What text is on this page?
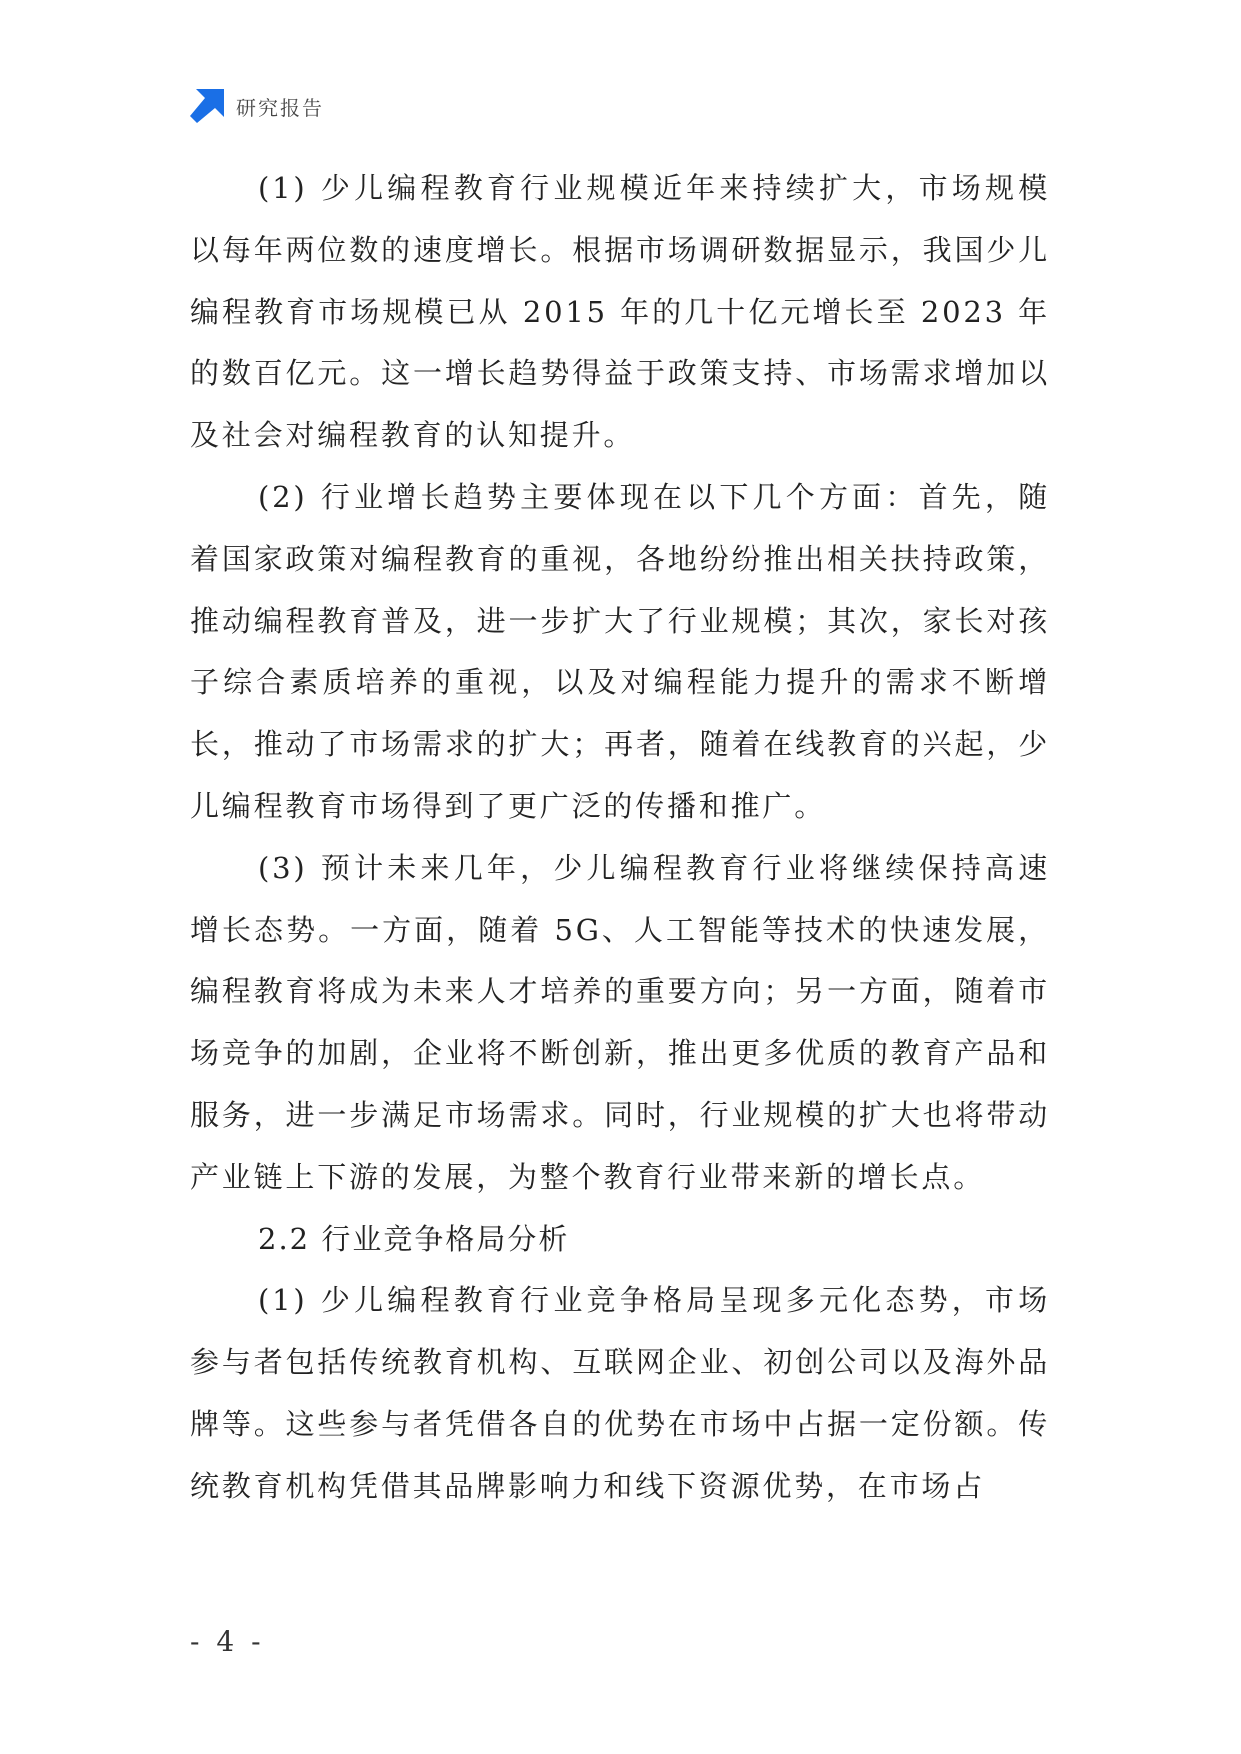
研究报告

(1) 少儿编程教育行业规模近年来持续扩大，市场规模以每年两位数的速度增长。根据市场调研数据显示，我国少儿编程教育市场规模已从 2015 年的几十亿元增长至 2023 年的数百亿元。这一增长趋势得益于政策支持、市场需求增加以及社会对编程教育的认知提升。

(2) 行业增长趋势主要体现在以下几个方面：首先，随着国家政策对编程教育的重视，各地纷纷推出相关扶持政策，推动编程教育普及，进一步扩大了行业规模；其次，家长对孩子综合素质培养的重视，以及对编程能力提升的需求不断增长，推动了市场需求的扩大；再者，随着在线教育的兴起，少儿编程教育市场得到了更广泛的传播和推广。

(3) 预计未来几年，少儿编程教育行业将继续保持高速增长态势。一方面，随着 5G、人工智能等技术的快速发展，编程教育将成为未来人才培养的重要方向；另一方面，随着市场竞争的加剧，企业将不断创新，推出更多优质的教育产品和服务，进一步满足市场需求。同时，行业规模的扩大也将带动产业链上下游的发展，为整个教育行业带来新的增长点。

2.2 行业竞争格局分析

(1) 少儿编程教育行业竞争格局呈现多元化态势，市场参与者包括传统教育机构、互联网企业、初创公司以及海外品牌等。这些参与者凭借各自的优势在市场中占据一定份额。传统教育机构凭借其品牌影响力和线下资源优势，在市场占

- 4 -
